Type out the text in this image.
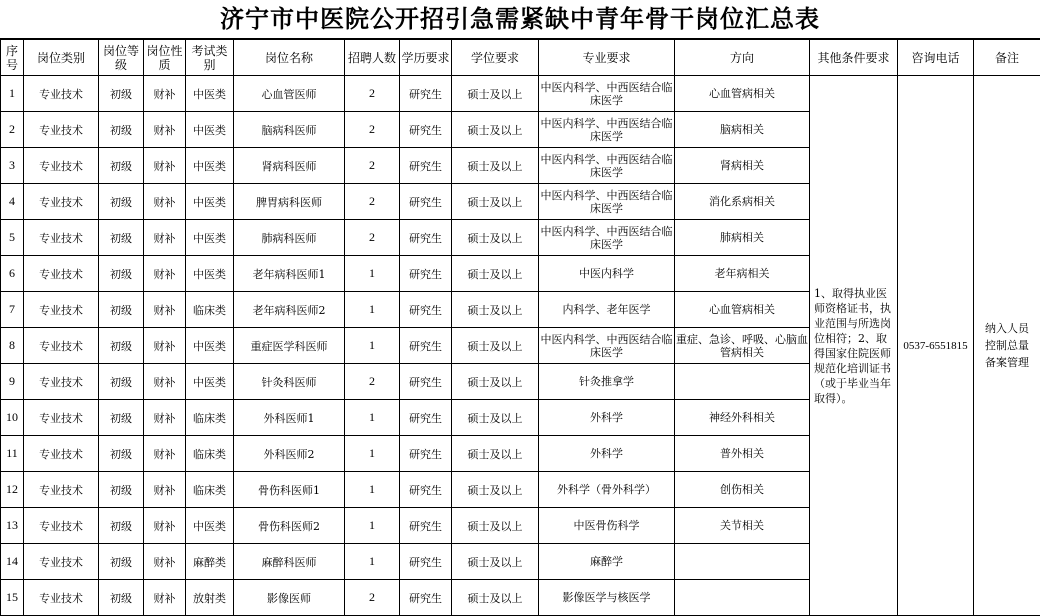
济宁市中医院公开招引急需紧缺中青年骨干岗位汇总表
序号	岗位类别	岗位等级	岗位性质	考试类别	岗位名称	招聘人数	学历要求	学位要求	专业要求	方向	其他条件要求	咨询电话	备注
1	专业技术	初级	财补	中医类	心血管医师	2	研究生	硕士及以上	中医内科学、中西医结合临床医学	心血管病相关	1、取得执业医师资格证书，执业范围与所选岗位相符；2、取得国家住院医师规范化培训证书（或于毕业当年取得）。	0537-6551815	纳入人员控制总量备案管理
2	专业技术	初级	财补	中医类	脑病科医师	2	研究生	硕士及以上	中医内科学、中西医结合临床医学	脑病相关			
3	专业技术	初级	财补	中医类	肾病科医师	2	研究生	硕士及以上	中医内科学、中西医结合临床医学	肾病相关			
4	专业技术	初级	财补	中医类	脾胃病科医师	2	研究生	硕士及以上	中医内科学、中西医结合临床医学	消化系病相关			
5	专业技术	初级	财补	中医类	肺病科医师	2	研究生	硕士及以上	中医内科学、中西医结合临床医学	肺病相关			
6	专业技术	初级	财补	中医类	老年病科医师1	1	研究生	硕士及以上	中医内科学	老年病相关			
7	专业技术	初级	财补	临床类	老年病科医师2	1	研究生	硕士及以上	内科学、老年医学	心血管病相关			
8	专业技术	初级	财补	中医类	重症医学科医师	1	研究生	硕士及以上	中医内科学、中西医结合临床医学	重症、急诊、呼吸、心脑血管病相关			
9	专业技术	初级	财补	中医类	针灸科医师	2	研究生	硕士及以上	针灸推拿学				
10	专业技术	初级	财补	临床类	外科医师1	1	研究生	硕士及以上	外科学	神经外科相关			
11	专业技术	初级	财补	临床类	外科医师2	1	研究生	硕士及以上	外科学	普外相关			
12	专业技术	初级	财补	临床类	骨伤科医师1	1	研究生	硕士及以上	外科学（骨外科学）	创伤相关			
13	专业技术	初级	财补	中医类	骨伤科医师2	1	研究生	硕士及以上	中医骨伤科学	关节相关			
14	专业技术	初级	财补	麻醉类	麻醉科医师	1	研究生	硕士及以上	麻醉学				
15	专业技术	初级	财补	放射类	影像医师	2	研究生	硕士及以上	影像医学与核医学				
